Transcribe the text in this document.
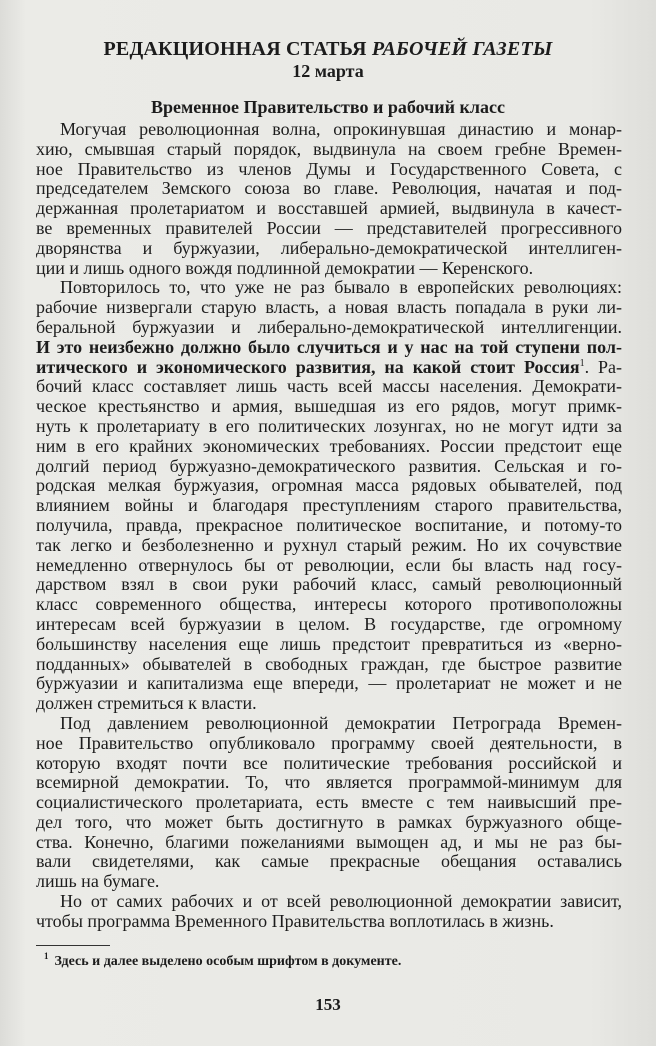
РЕДАКЦИОННАЯ СТАТЬЯ РАБОЧЕЙ ГАЗЕТЫ
12 марта
Временное Правительство и рабочий класс
Могучая революционная волна, опрокинувшая династию и монар-
хию, смывшая старый порядок, выдвинула на своем гребне Времен-
ное Правительство из членов Думы и Государственного Совета, с
председателем Земского союза во главе. Революция, начатая и под-
держанная пролетариатом и восставшей армией, выдвинула в качест-
ве временных правителей России — представителей прогрессивного
дворянства и буржуазии, либерально-демократической интеллиген-
ции и лишь одного вождя подлинной демократии — Керенского.
Повторилось то, что уже не раз бывало в европейских революциях:
рабочие низвергали старую власть, а новая власть попадала в руки ли-
беральной буржуазии и либерально-демократической интеллигенции.
И это неизбежно должно было случиться и у нас на той ступени пол-
итического и экономического развития, на какой стоит Россия$^1$. Ра-
бочий класс составляет лишь часть всей массы населения. Демократи-
ческое крестьянство и армия, вышедшая из его рядов, могут примк-
нуть к пролетариату в его политических лозунгах, но не могут идти за
ним в его крайних экономических требованиях. России предстоит еще
долгий период буржуазно-демократического развития. Сельская и го-
родская мелкая буржуазия, огромная масса рядовых обывателей, под
влиянием войны и благодаря преступлениям старого правительства,
получила, правда, прекрасное политическое воспитание, и потому-то
так легко и безболезненно и рухнул старый режим. Но их сочувствие
немедленно отвернулось бы от революции, если бы власть над госу-
дарством взял в свои руки рабочий класс, самый революционный
класс современного общества, интересы которого противоположны
интересам всей буржуазии в целом. В государстве, где огромному
большинству населения еще лишь предстоит превратиться из «верно-
подданных» обывателей в свободных граждан, где быстрое развитие
буржуазии и капитализма еще впереди, — пролетариат не может и не
должен стремиться к власти.
Под давлением революционной демократии Петрограда Времен-
ное Правительство опубликовало программу своей деятельности, в
которую входят почти все политические требования российской и
всемирной демократии. То, что является программой-минимум для
социалистического пролетариата, есть вместе с тем наивысший пре-
дел того, что может быть достигнуто в рамках буржуазного обще-
ства. Конечно, благими пожеланиями вымощен ад, и мы не раз бы-
вали свидетелями, как самые прекрасные обещания оставались
лишь на бумаге.
Но от самих рабочих и от всей революционной демократии зависит,
чтобы программа Временного Правительства воплотилась в жизнь.
$^1$ Здесь и далее выделено особым шрифтом в документе.
153
